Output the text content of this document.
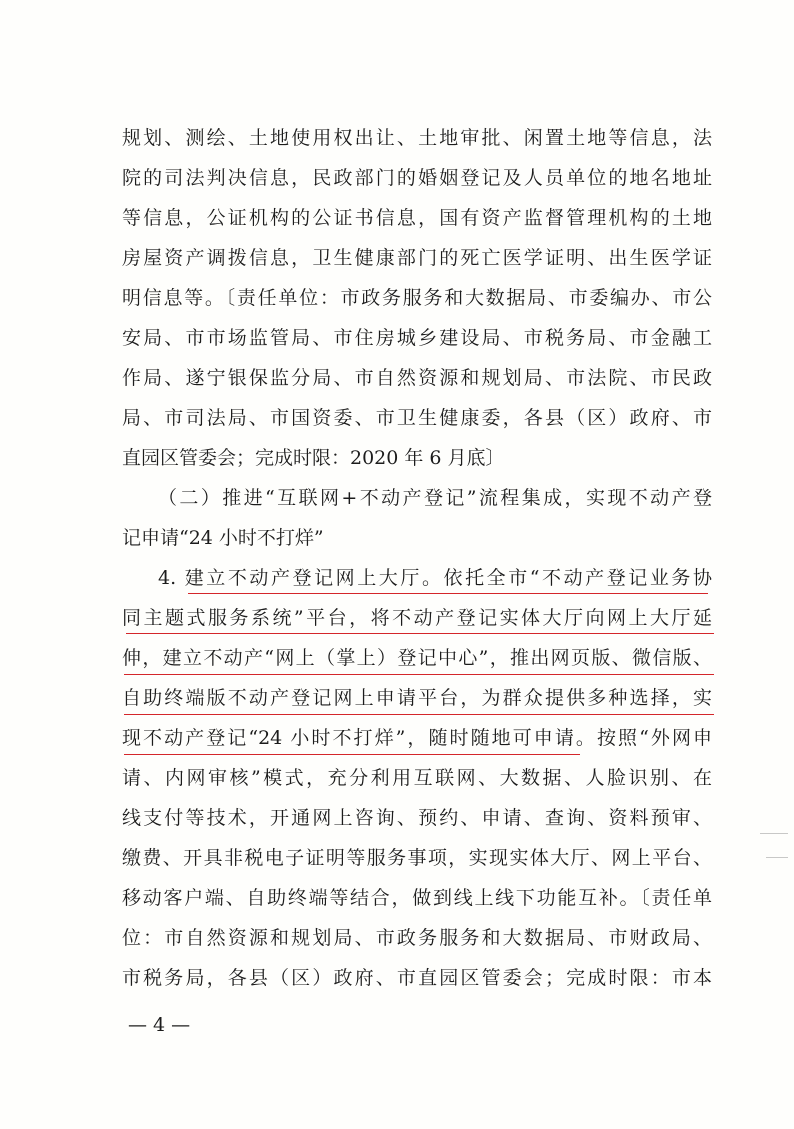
规划、测绘、土地使用权出让、土地审批、闲置土地等信息，法
院的司法判决信息，民政部门的婚姻登记及人员单位的地名地址
等信息，公证机构的公证书信息，国有资产监督管理机构的土地
房屋资产调拨信息，卫生健康部门的死亡医学证明、出生医学证
明信息等。〔责任单位：市政务服务和大数据局、市委编办、市公
安局、市市场监管局、市住房城乡建设局、市税务局、市金融工
作局、遂宁银保监分局、市自然资源和规划局、市法院、市民政
局、市司法局、市国资委、市卫生健康委，各县（区）政府、市
直园区管委会；完成时限：2020 年 6 月底〕
（二）推进“互联网+不动产登记”流程集成，实现不动产登
记申请“24 小时不打烊”
4. 建立不动产登记网上大厅。依托全市“不动产登记业务协
同主题式服务系统”平台，将不动产登记实体大厅向网上大厅延
伸，建立不动产“网上（掌上）登记中心”，推出网页版、微信版、
自助终端版不动产登记网上申请平台，为群众提供多种选择，实
现不动产登记“24 小时不打烊”，随时随地可申请。按照“外网申
请、内网审核”模式，充分利用互联网、大数据、人脸识别、在
线支付等技术，开通网上咨询、预约、申请、查询、资料预审、
缴费、开具非税电子证明等服务事项，实现实体大厅、网上平台、
移动客户端、自助终端等结合，做到线上线下功能互补。〔责任单
位：市自然资源和规划局、市政务服务和大数据局、市财政局、
市税务局，各县（区）政府、市直园区管委会；完成时限：市本
— 4 —
